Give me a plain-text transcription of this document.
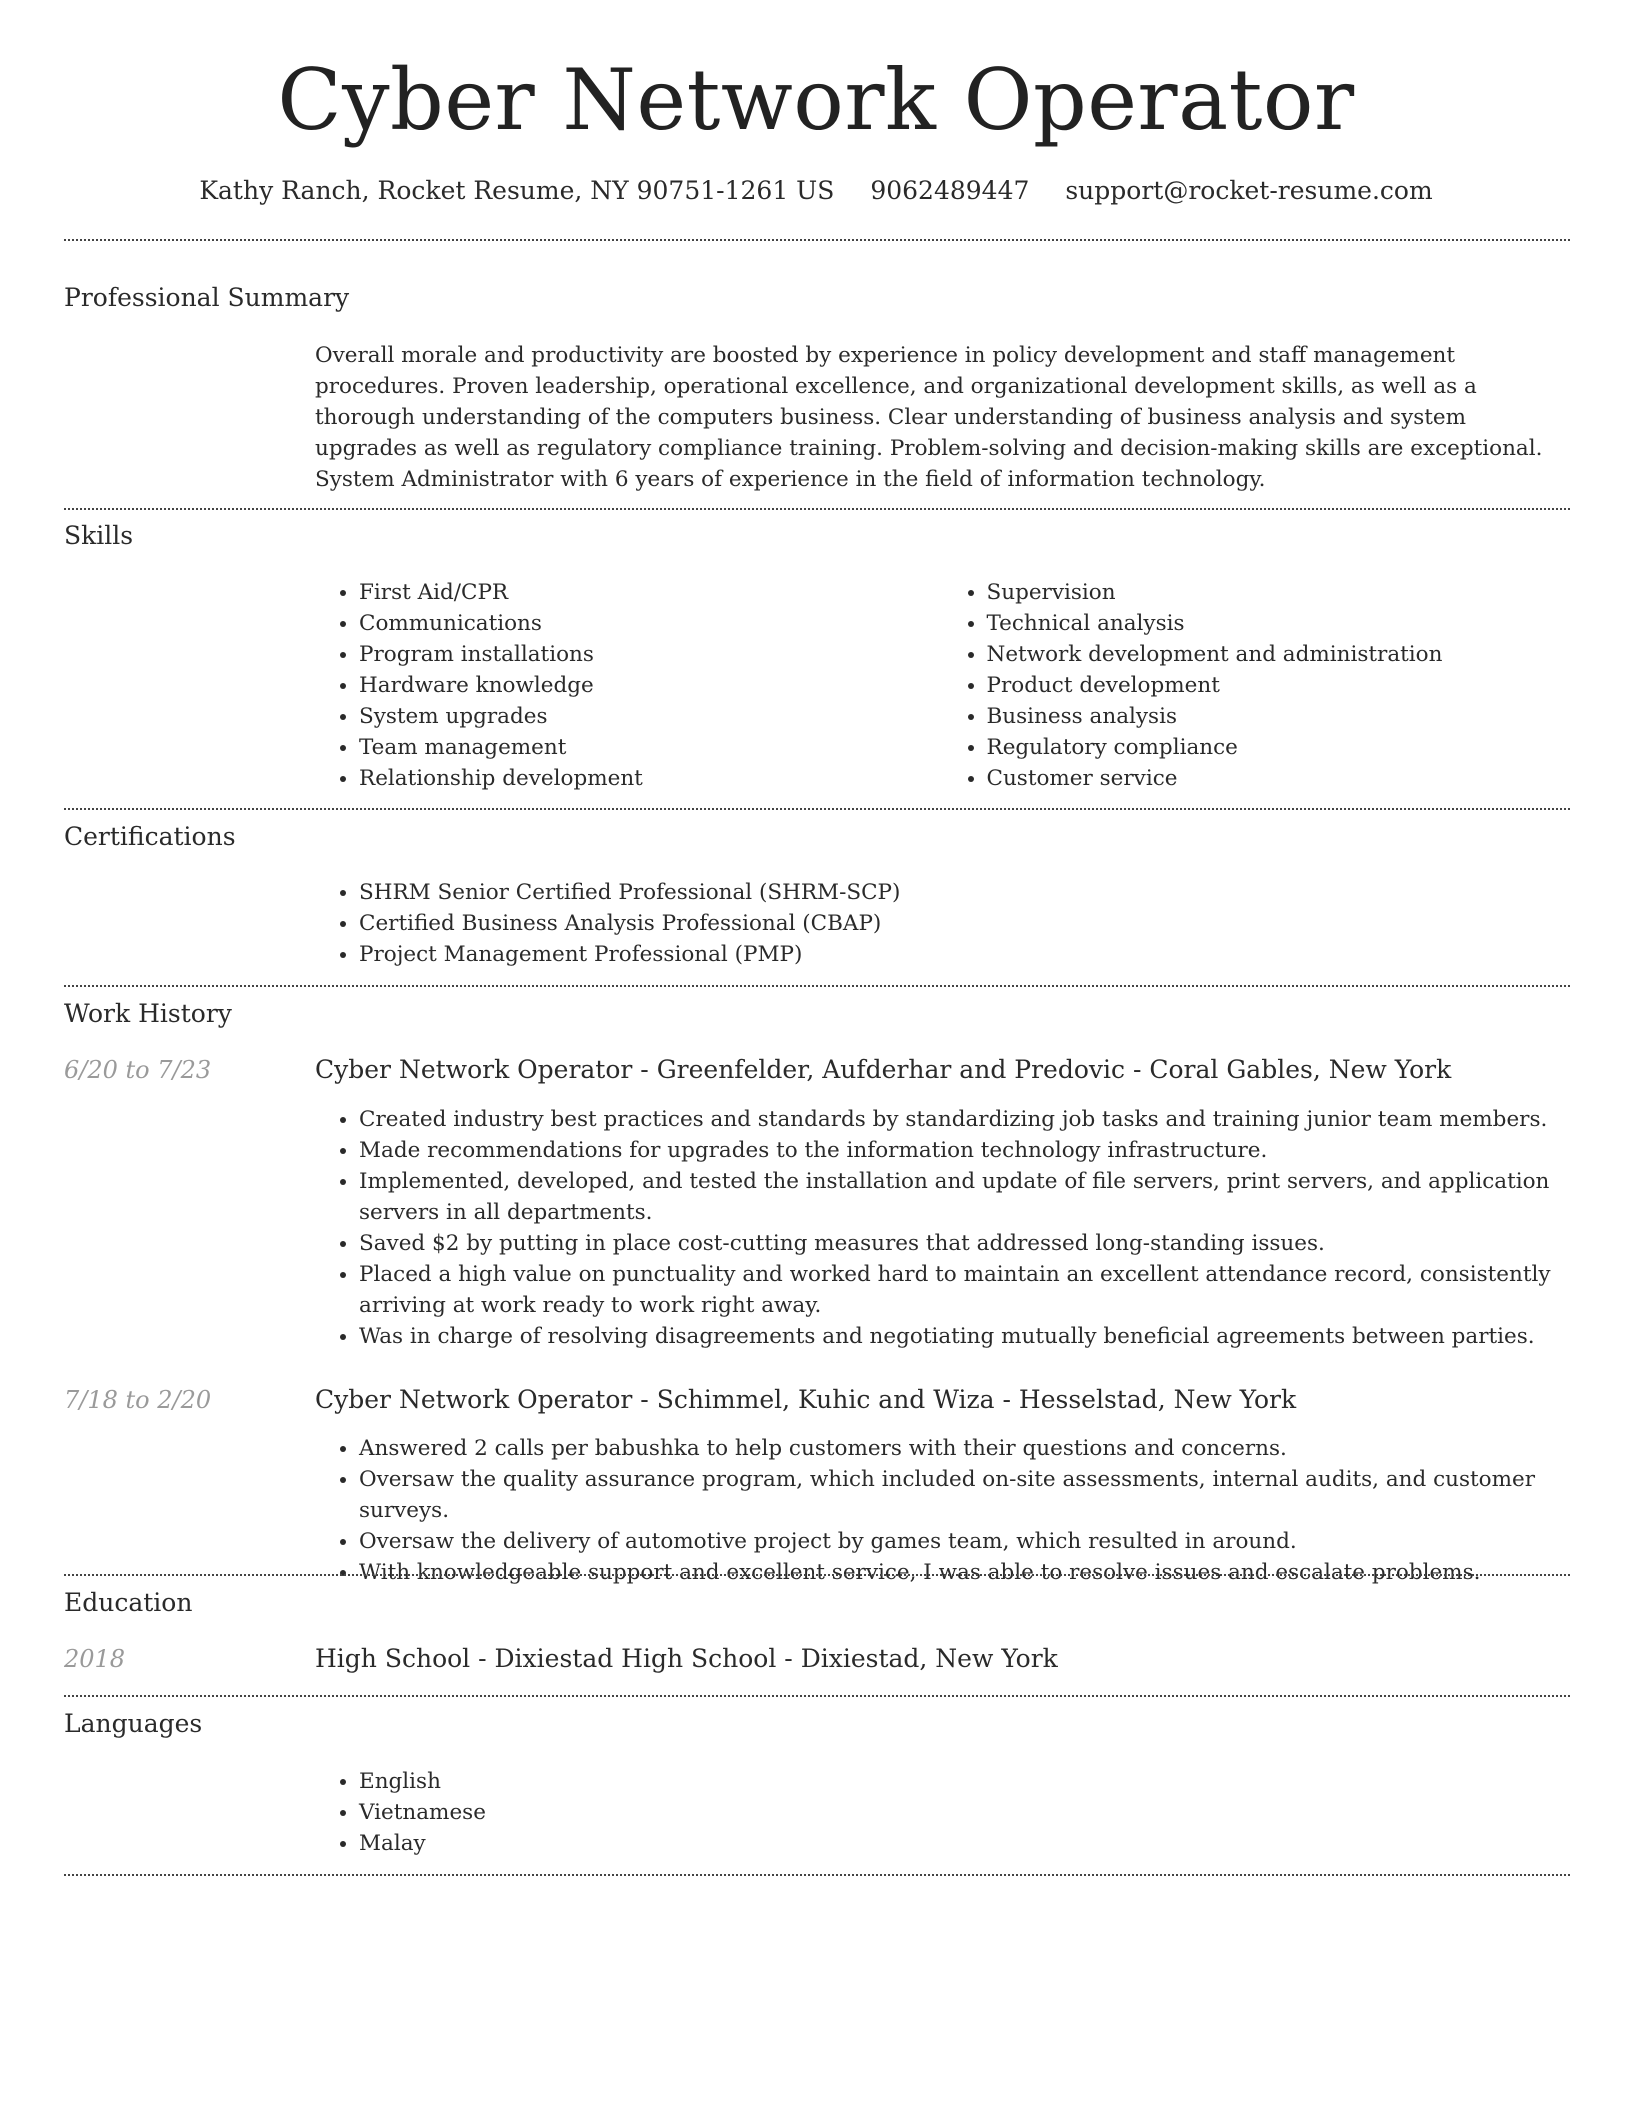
Cyber Network Operator
Kathy Ranch, Rocket Resume, NY 90751-1261 US 9062489447 support@rocket-resume.com
Professional Summary
Overall morale and productivity are boosted by experience in policy development and staff management procedures. Proven leadership, operational excellence, and organizational development skills, as well as a thorough understanding of the computers business. Clear understanding of business analysis and system upgrades as well as regulatory compliance training. Problem-solving and decision-making skills are exceptional. System Administrator with 6 years of experience in the field of information technology.
Skills
• First Aid/CPR
• Communications
• Program installations
• Hardware knowledge
• System upgrades
• Team management
• Relationship development
• Supervision
• Technical analysis
• Network development and administration
• Product development
• Business analysis
• Regulatory compliance
• Customer service
Certifications
• SHRM Senior Certified Professional (SHRM-SCP)
• Certified Business Analysis Professional (CBAP)
• Project Management Professional (PMP)
Work History
6/20 to 7/23	Cyber Network Operator - Greenfelder, Aufderhar and Predovic - Coral Gables, New York
• Created industry best practices and standards by standardizing job tasks and training junior team members.
• Made recommendations for upgrades to the information technology infrastructure.
• Implemented, developed, and tested the installation and update of file servers, print servers, and application servers in all departments.
• Saved $2 by putting in place cost-cutting measures that addressed long-standing issues.
• Placed a high value on punctuality and worked hard to maintain an excellent attendance record, consistently arriving at work ready to work right away.
• Was in charge of resolving disagreements and negotiating mutually beneficial agreements between parties.
7/18 to 2/20	Cyber Network Operator - Schimmel, Kuhic and Wiza - Hesselstad, New York
• Answered 2 calls per babushka to help customers with their questions and concerns.
• Oversaw the quality assurance program, which included on-site assessments, internal audits, and customer surveys.
• Oversaw the delivery of automotive project by games team, which resulted in around.
• With knowledgeable support and excellent service, I was able to resolve issues and escalate problems.
Education
2018	High School - Dixiestad High School - Dixiestad, New York
Languages
• English
• Vietnamese
• Malay
